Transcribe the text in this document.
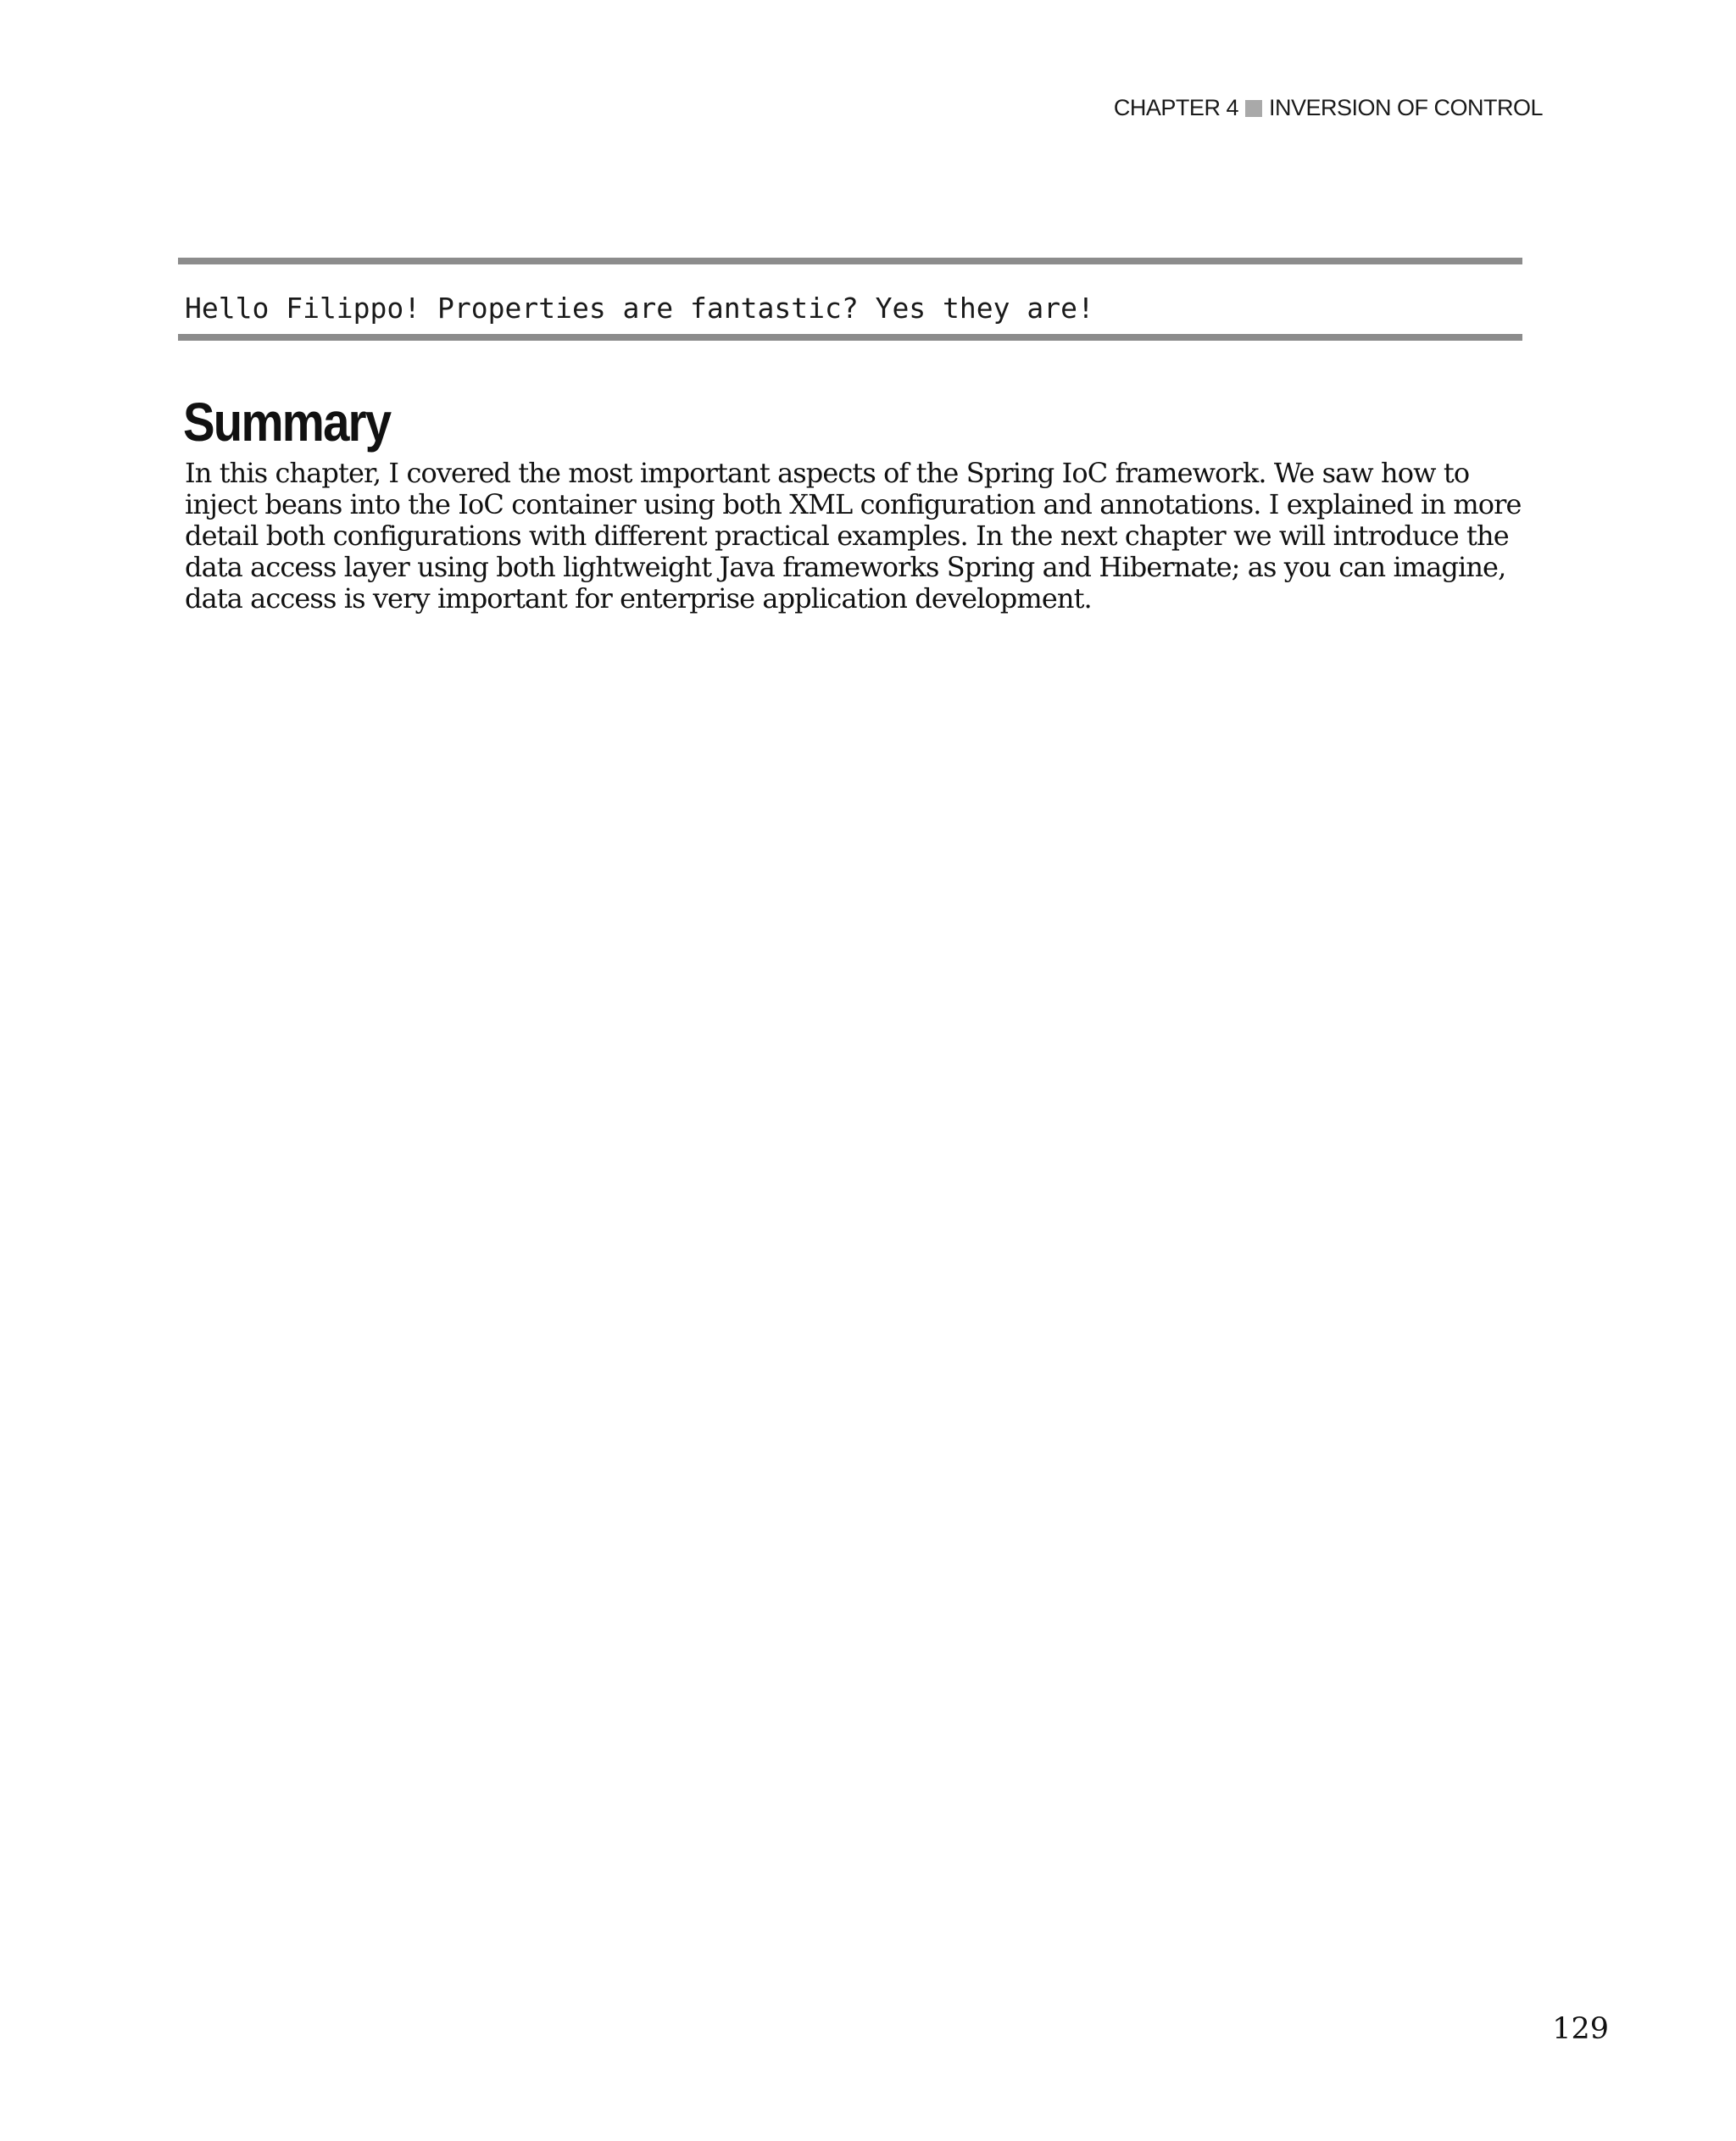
CHAPTER 4 INVERSION OF CONTROL
Hello Filippo! Properties are fantastic? Yes they are!
Summary

In this chapter, I covered the most important aspects of the Spring IoC framework. We saw how to inject beans into the IoC container using both XML configuration and annotations. I explained in more detail both configurations with different practical examples. In the next chapter we will introduce the data access layer using both lightweight Java frameworks Spring and Hibernate; as you can imagine, data access is very important for enterprise application development.

129
